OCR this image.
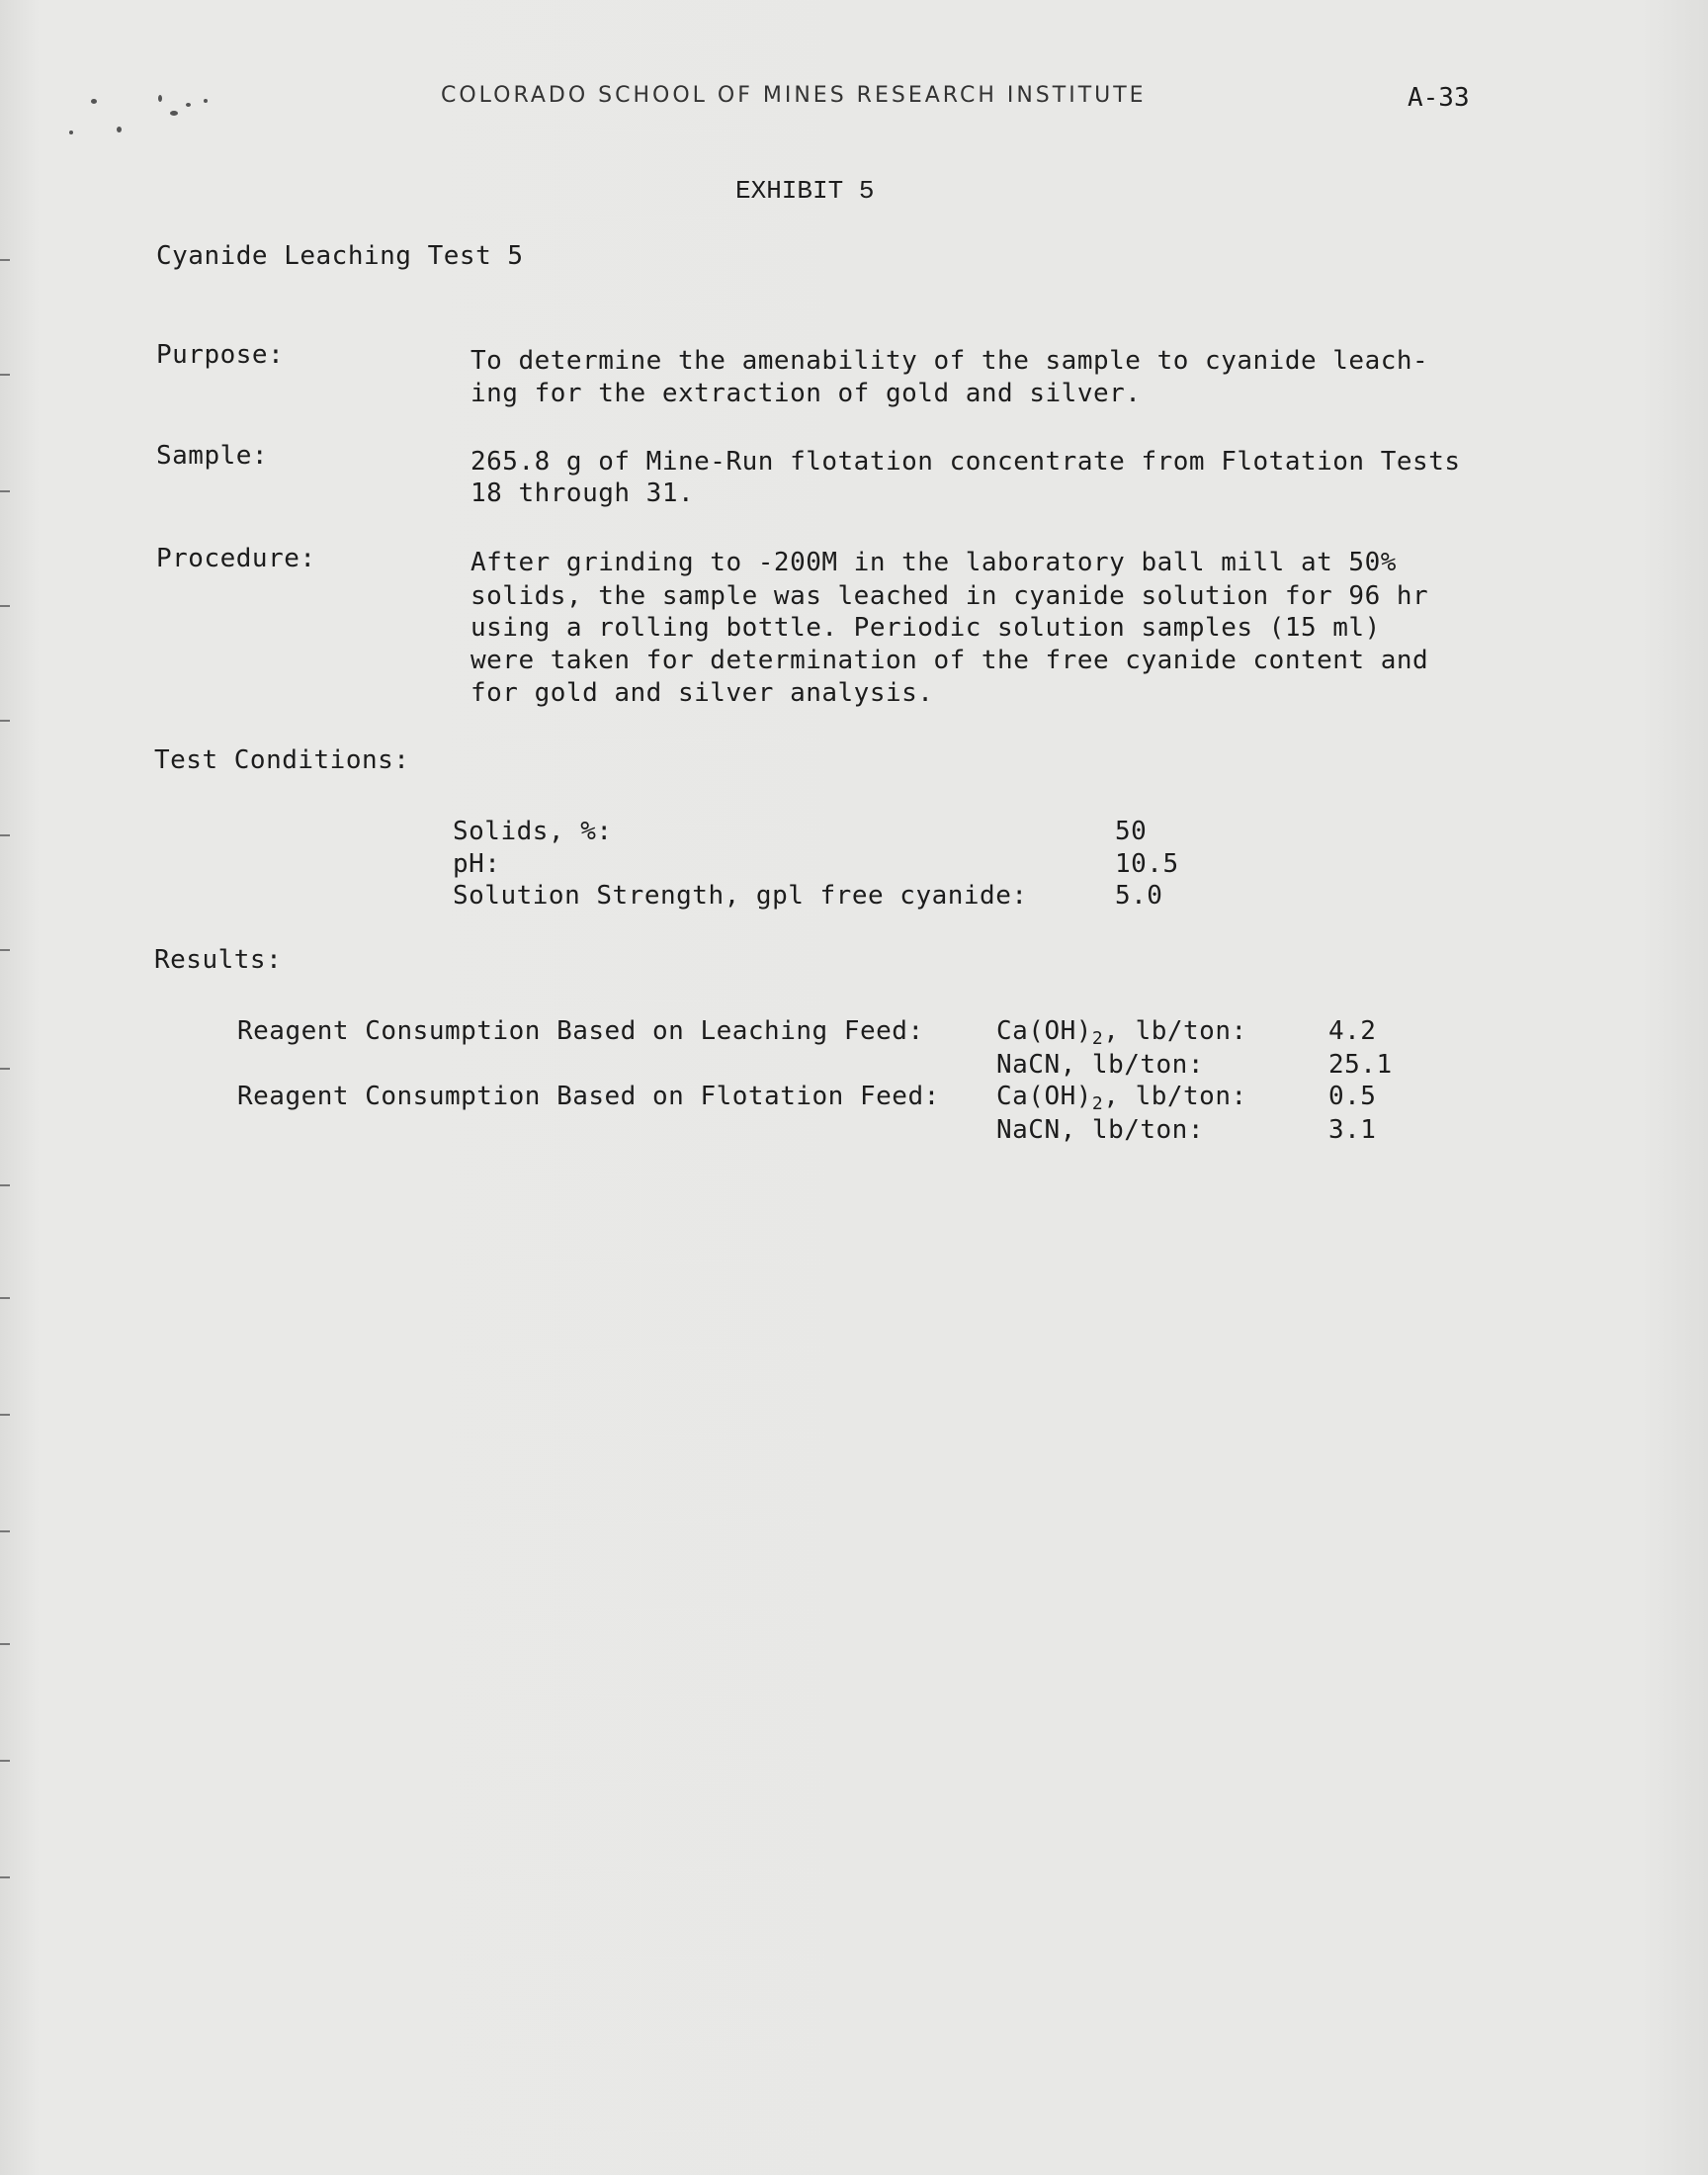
COLORADO SCHOOL OF MINES RESEARCH INSTITUTE	A-33
EXHIBIT 5
Cyanide Leaching Test 5
Purpose:	To determine the amenability of the sample to cyanide leach-
ing for the extraction of gold and silver.
Sample:	265.8 g of Mine-Run flotation concentrate from Flotation Tests
18 through 31.
Procedure:	After grinding to -200M in the laboratory ball mill at 50%
solids, the sample was leached in cyanide solution for 96 hr
using a rolling bottle. Periodic solution samples (15 ml)
were taken for determination of the free cyanide content and
for gold and silver analysis.
Test Conditions:
Solids, %:	50
pH:	10.5
Solution Strength, gpl free cyanide:	5.0
Results:
Reagent Consumption Based on Leaching Feed:	$Ca(OH)_2$, lb/ton:	4.2
NaCN, lb/ton:	25.1
Reagent Consumption Based on Flotation Feed: $Ca(OH)_2$, lb/ton:	0.5
NaCN, lb/ton:	3.1
